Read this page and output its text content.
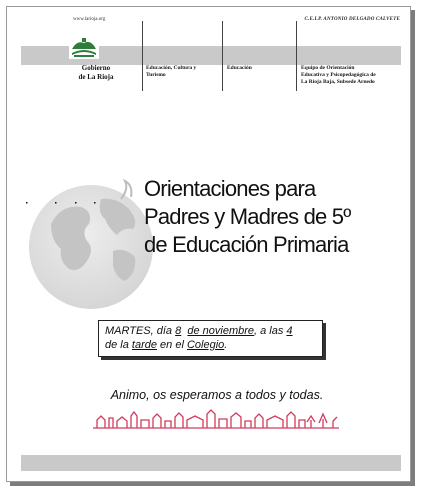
www.larioja.org	C.E.I.P. ANTONIO DELGADO CALVETE
Gobierno
de La Rioja
Educación, Cultura y
Turismo
Educación	Equipo de Orientación
Educativa y Psicopedagógica de
La Rioja Baja, Subsede Arnedo
Orientaciones para
Padres y Madres de 5º
de Educación Primaria
MARTES, día 8 de noviembre, a las 4
de la tarde en el Colegio.
Animo, os esperamos a todos y todas.
